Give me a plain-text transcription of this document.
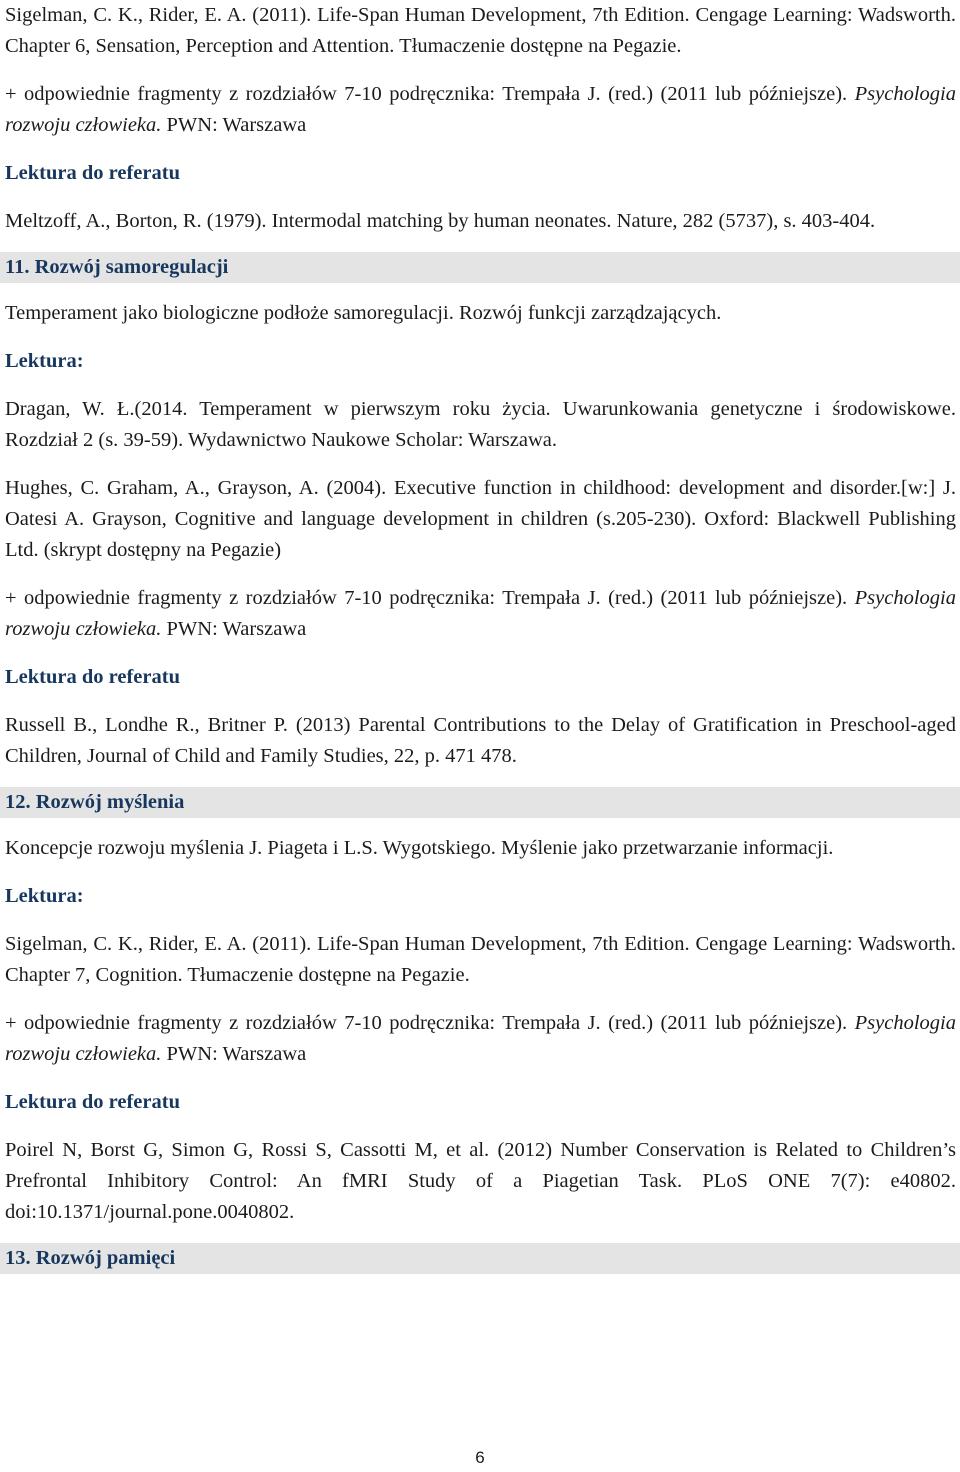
Sigelman, C. K., Rider, E. A. (2011). Life-Span Human Development, 7th Edition. Cengage Learning: Wadsworth. Chapter 6, Sensation, Perception and Attention. Tłumaczenie dostępne na Pegazie.

+ odpowiednie fragmenty z rozdziałów 7-10 podręcznika: Trempała J. (red.) (2011 lub późniejsze). Psychologia rozwoju człowieka. PWN: Warszawa

Lektura do referatu

Meltzoff, A., Borton, R. (1979). Intermodal matching by human neonates. Nature, 282 (5737), s. 403-404.

11. Rozwój samoregulacji

Temperament jako biologiczne podłoże samoregulacji. Rozwój funkcji zarządzających.

Lektura:

Dragan, W. Ł.(2014. Temperament w pierwszym roku życia. Uwarunkowania genetyczne i środowiskowe. Rozdział 2 (s. 39-59). Wydawnictwo Naukowe Scholar: Warszawa.

Hughes, C. Graham, A., Grayson, A. (2004). Executive function in childhood: development and disorder.[w:] J. Oatesi A. Grayson, Cognitive and language development in children (s.205-230). Oxford: Blackwell Publishing Ltd. (skrypt dostępny na Pegazie)

+ odpowiednie fragmenty z rozdziałów 7-10 podręcznika: Trempała J. (red.) (2011 lub późniejsze). Psychologia rozwoju człowieka. PWN: Warszawa

Lektura do referatu

Russell B., Londhe R., Britner P. (2013) Parental Contributions to the Delay of Gratification in Preschool-aged Children, Journal of Child and Family Studies, 22, p. 471 478.

12. Rozwój myślenia

Koncepcje rozwoju myślenia J. Piageta i L.S. Wygotskiego. Myślenie jako przetwarzanie informacji.

Lektura:

Sigelman, C. K., Rider, E. A. (2011). Life-Span Human Development, 7th Edition. Cengage Learning: Wadsworth. Chapter 7, Cognition. Tłumaczenie dostępne na Pegazie.

+ odpowiednie fragmenty z rozdziałów 7-10 podręcznika: Trempała J. (red.) (2011 lub późniejsze). Psychologia rozwoju człowieka. PWN: Warszawa

Lektura do referatu

Poirel N, Borst G, Simon G, Rossi S, Cassotti M, et al. (2012) Number Conservation is Related to Children’s Prefrontal Inhibitory Control: An fMRI Study of a Piagetian Task. PLoS ONE 7(7): e40802. doi:10.1371/journal.pone.0040802.

13. Rozwój pamięci
6
